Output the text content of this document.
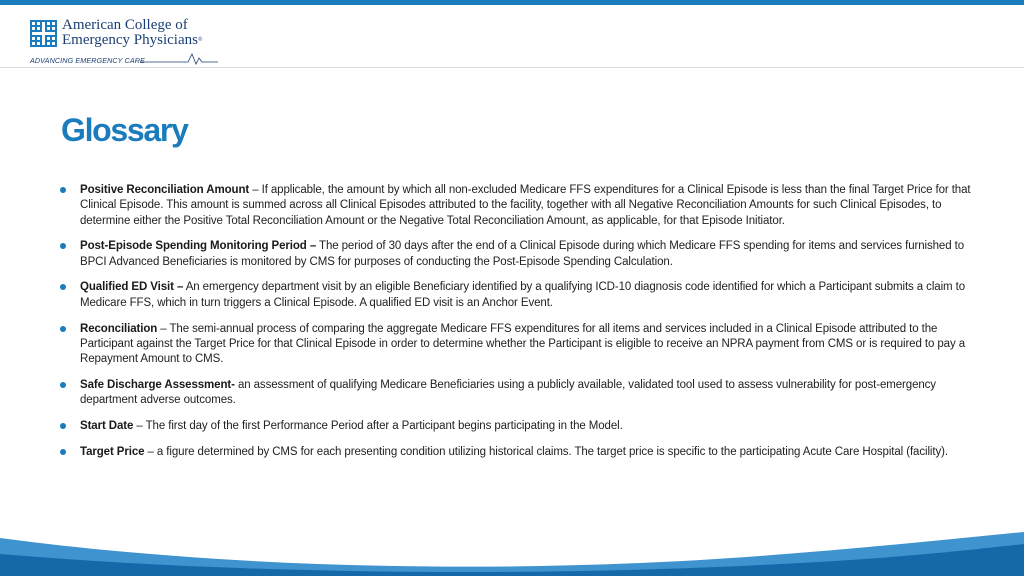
American College of
Emergency Physicians®
ADVANCING EMERGENCY CARE
Glossary
Positive Reconciliation Amount – If applicable, the amount by which all non-excluded Medicare FFS expenditures for a Clinical Episode is less than the final Target Price for that Clinical Episode. This amount is summed across all Clinical Episodes attributed to the facility, together with all Negative Reconciliation Amounts for such Clinical Episodes, to determine either the Positive Total Reconciliation Amount or the Negative Total Reconciliation Amount, as applicable, for that Episode Initiator.
Post-Episode Spending Monitoring Period – The period of 30 days after the end of a Clinical Episode during which Medicare FFS spending for items and services furnished to BPCI Advanced Beneficiaries is monitored by CMS for purposes of conducting the Post-Episode Spending Calculation.
Qualified ED Visit – An emergency department visit by an eligible Beneficiary identified by a qualifying ICD-10 diagnosis code identified for which a Participant submits a claim to Medicare FFS, which in turn triggers a Clinical Episode. A qualified ED visit is an Anchor Event.
Reconciliation – The semi-annual process of comparing the aggregate Medicare FFS expenditures for all items and services included in a Clinical Episode attributed to the Participant against the Target Price for that Clinical Episode in order to determine whether the Participant is eligible to receive an NPRA payment from CMS or is required to pay a Repayment Amount to CMS.
Safe Discharge Assessment- an assessment of qualifying Medicare Beneficiaries using a publicly available, validated tool used to assess vulnerability for post-emergency department adverse outcomes.
Start Date – The first day of the first Performance Period after a Participant begins participating in the Model.
Target Price – a figure determined by CMS for each presenting condition utilizing historical claims. The target price is specific to the participating Acute Care Hospital (facility).
